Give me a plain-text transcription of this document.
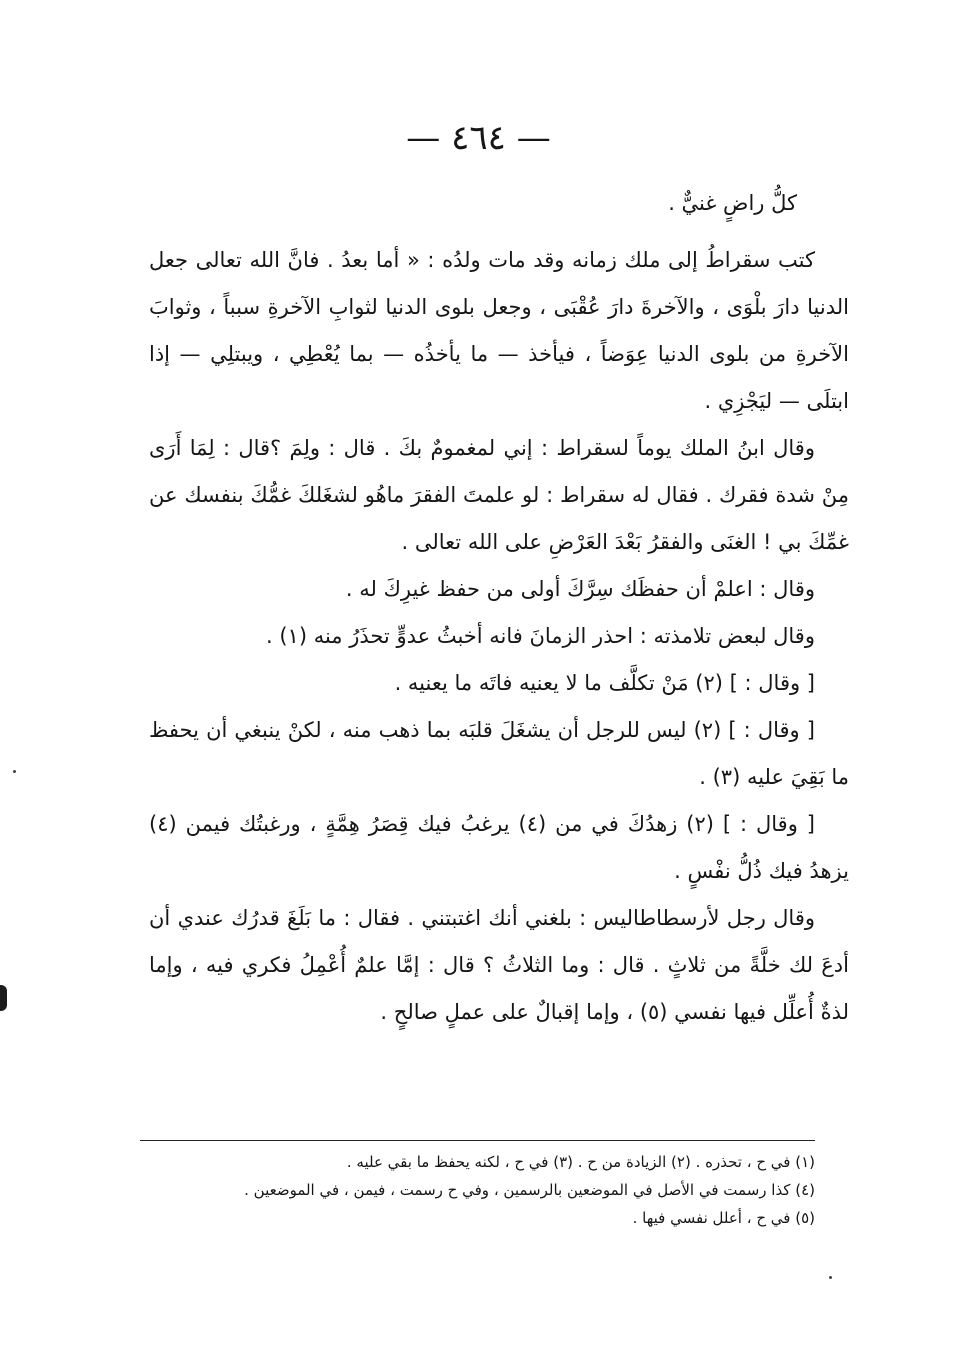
— ٤٦٤ —

كلُّ راضٍ غنيٌّ .

كتب سقراطُ إلى ملك زمانه وقد مات ولدُه : « أما بعدُ . فانَّ الله تعالى جعل الدنيا دارَ بلْوَى ، والآخرةَ دارَ عُقْبَى ، وجعل بلوى الدنيا لثوابِ الآخرةِ سبباً ، وثوابَ الآخرةِ من بلوى الدنيا عِوَضاً ، فيأخذ — ما يأخذُه — بما يُعْطِي ، ويبتلِي — إذا ابتلَى — ليَجْزِي .

وقال ابنُ الملك يوماً لسقراط : إني لمغمومٌ بكَ . قال : ولِمَ ؟قال : لِمَا أَرَى مِنْ شدة فقرك . فقال له سقراط : لو علمتَ الفقرَ ماهُو لشغَلكَ غمُّكَ بنفسك عن غمِّكَ بي ! الغنَى والفقرُ بَعْدَ العَرْضِ على الله تعالى .

وقال : اعلمْ أن حفظَك سِرَّكَ أولى من حفظ غيرِكَ له .

وقال لبعض تلامذته : احذر الزمانَ فانه أخبثُ عدوٍّ تحذَرُ منه (١) .

[ وقال : ] (٢) مَنْ تكلَّف ما لا يعنيه فاتَه ما يعنيه .

[ وقال : ] (٢) ليس للرجل أن يشغَلَ قلبَه بما ذهب منه ، لكنْ ينبغي أن يحفظ ما بَقِيَ عليه (٣) .

[ وقال : ] (٢) زهدُكَ في من (٤) يرغبُ فيك قِصَرُ هِمَّةٍ ، ورغبتُك فيمن (٤) يزهدُ فيك ذُلُّ نفْسٍ .

وقال رجل لأرسطاطاليس : بلغني أنك اغتبتني . فقال : ما بَلَغَ قدرُك عندي أن أدعَ لك خلَّةً من ثلاثٍ . قال : وما الثلاثُ ؟ قال : إمَّا علمٌ أُعْمِلُ فكري فيه ، وإما لذةٌ أُعلِّل فيها نفسي (٥) ، وإما إقبالٌ على عملٍ صالحٍ .

(١) في ح ، تحذره . (٢) الزيادة من ح . (٣) في ح ، لكنه يحفظ ما بقي عليه .

(٤) كذا رسمت في الأصل في الموضعين بالرسمين ، وفي ح رسمت ، فيمن ، في الموضعين .

(٥) في ح ، أعلل نفسي فيها .
